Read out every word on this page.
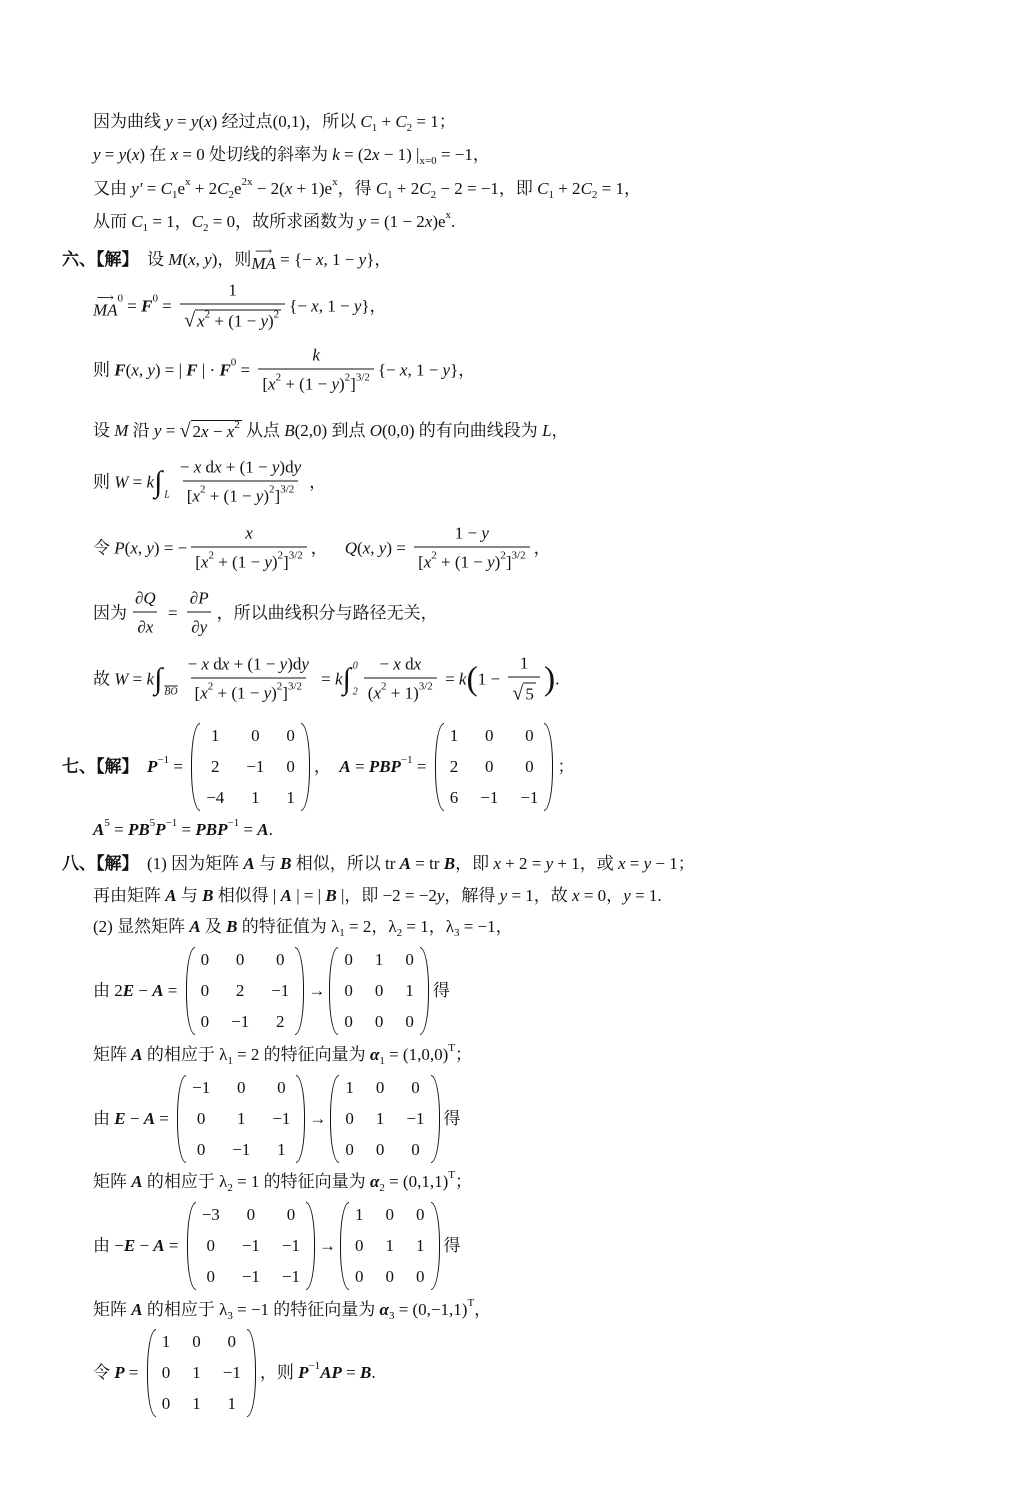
因为曲线 y = y ( x ) 经过点(0,1)，所以 C 1 + C 2 = 1；
y = y ( x ) 在 x = 0 处切线的斜率为 k = (2 x − 1) | x=0 = −1，
又由 y′ = C 1 e x + 2 C 2 e 2x − 2( x + 1)e x ，得 C 1 + 2 C 2 − 2 = −1，即 C 1 + 2 C 2 = 1，
从而 C 1 = 1， C 2 = 0，故所求函数为 y = (1 − 2 x )e x .
六、【解】 设 M ( x , y )，则 ⟶
MA = {− x , 1 − y }，
⟶
MA
0 = F $0 = \frac{1}{√ x 2 + (1 - y ) 2}$ {− x , 1 − y }，
则 F ( x , y ) = | F | · F $0 = \frac{k}{[ x 2 + (1 - y ) 2 ] 3/2}$ {− x , 1 − y }，
设 M 沿 y = √ 2 x − x 2 从点 B (2,0) 到点 O (0,0) 的有向曲线段为 L ，
则 W = k ∫ L $\frac{\text{− x d x + (1 − y )d y}}{[ x 2 + (1 - y ) 2 ] 3/2}$ ，
令 P ( x , y ) = − $\frac{x}{[ x 2 + (1 - y ) 2 ] 3/2}$ ， Q ( x , y ) = $\frac{1 - y}{[ x 2 + (1 - y ) 2 ] 3/2}$ ，
因为 $\frac{\partial Q}{\partial x} = \frac{\partial P}{\partial y}$ ，所以曲线积分与路径无关，
故 W = k ∫ $\overline{BO} \frac{\text{− x d x + (1 − y )d y}}{[ x 2 + (1 - y ) 2 ] 3/2} = k$ ∫ 0
$2 \frac{\text{− x d x}}{( x 2 + 1) 3/2} = k$ ( $1 - \frac{1}{√ 5}$ ) .
七、【解】
P −1 =
1 0 0
2 −1 0
−4 1 1
， A = PBP −1 =
1 0 0
2 0 0
6 −1 −1
；
A 5 = PB 5 P −1 = PBP −1 = A .
八、【解】 (1) 因为矩阵 A 与 B 相似，所以 tr A = tr B ，即 x + 2 = y + 1，或 x = y − 1；
再由矩阵 A 与 B 相似得 | A | = | B |，即 −2 = −2 y ，解得 y = 1，故 x = 0， y = 1.
(2) 显然矩阵 A 及 B 的特征值为 λ 1 = 2，λ 2 = 1，λ 3 = −1，
由 2 E − A =
0 0 0
0 2 −1
0 −1 2
→
0 1 0
0 0 1
0 0 0
得
矩阵 A 的相应于 λ 1 = 2 的特征向量为 α 1 = (1,0,0) T ；
由 E − A =
−1 0 0
0 1 −1
0 −1 1
→
1 0 0
0 1 −1
0 0 0
得
矩阵 A 的相应于 λ 2 = 1 的特征向量为 α 2 = (0,1,1) T ；
由 − E − A =
−3 0 0
0 −1 −1
0 −1 −1
→
1 0 0
0 1 1
0 0 0
得
矩阵 A 的相应于 λ 3 = −1 的特征向量为 α 3 = (0,−1,1) T ，
令 P =
1 0 0
0 1 −1
0 1 1
，则 P −1 AP = B .
